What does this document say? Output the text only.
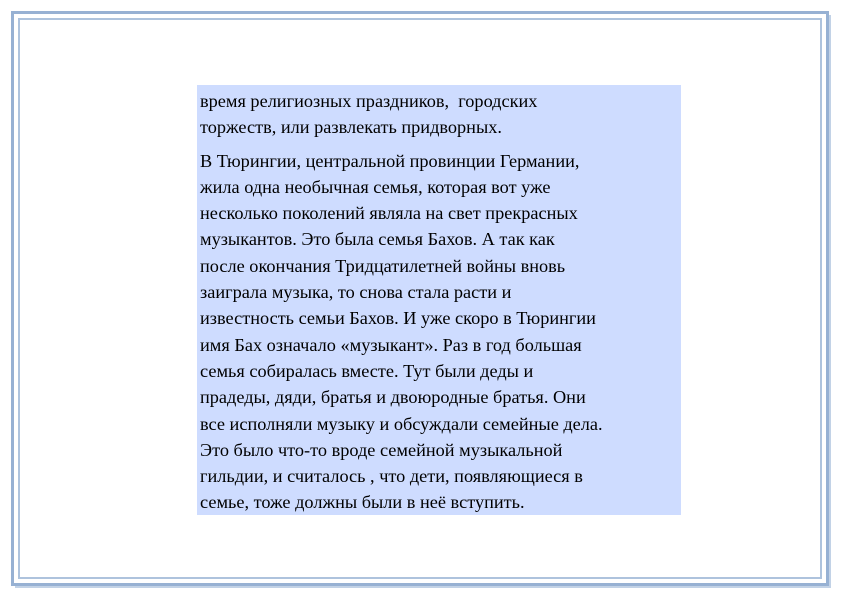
время религиозных праздников,  городских
торжеств, или развлекать придворных.

В Тюрингии, центральной провинции Германии,
жила одна необычная семья, которая вот уже
несколько поколений являла на свет прекрасных
музыкантов. Это была семья Бахов. А так как
после окончания Тридцатилетней войны вновь
заиграла музыка, то снова стала расти и
известность семьи Бахов. И уже скоро в Тюрингии
имя Бах означало «музыкант». Раз в год большая
семья собиралась вместе. Тут были деды и
прадеды, дяди, братья и двоюродные братья. Они
все исполняли музыку и обсуждали семейные дела.
Это было что-то вроде семейной музыкальной
гильдии, и считалось , что дети, появляющиеся в
семье, тоже должны были в неё вступить.
